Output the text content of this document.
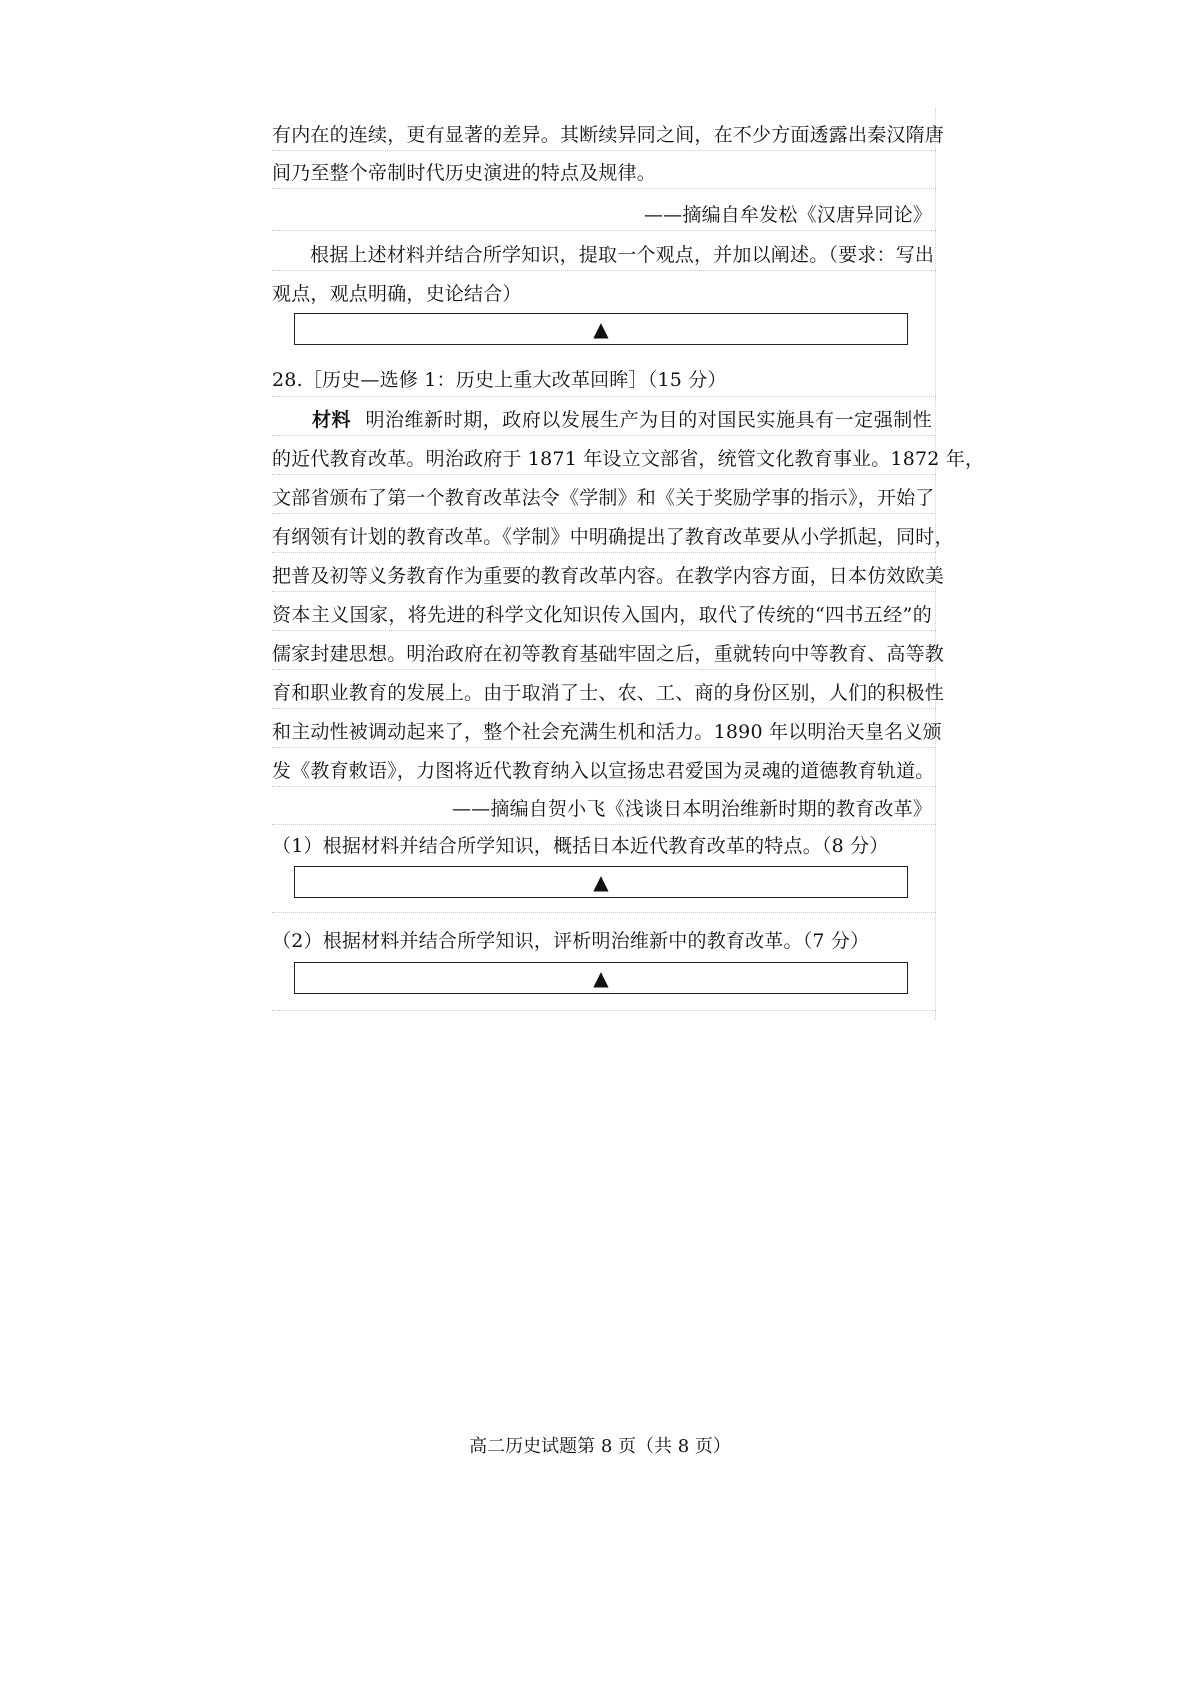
有内在的连续，更有显著的差异。其断续异同之间，在不少方面透露出秦汉隋唐
间乃至整个帝制时代历史演进的特点及规律。
——摘编自牟发松《汉唐异同论》
根据上述材料并结合所学知识，提取一个观点，并加以阐述。（要求：写出
观点，观点明确，史论结合）
▲
28.［历史—选修 1：历史上重大改革回眸］（15 分）
材料 明治维新时期，政府以发展生产为目的对国民实施具有一定强制性
的近代教育改革。明治政府于 1871 年设立文部省，统管文化教育事业。1872 年，
文部省颁布了第一个教育改革法令《学制》和《关于奖励学事的指示》，开始了
有纲领有计划的教育改革。《学制》中明确提出了教育改革要从小学抓起，同时，
把普及初等义务教育作为重要的教育改革内容。在教学内容方面，日本仿效欧美
资本主义国家，将先进的科学文化知识传入国内，取代了传统的“四书五经”的
儒家封建思想。明治政府在初等教育基础牢固之后，重就转向中等教育、高等教
育和职业教育的发展上。由于取消了士、农、工、商的身份区别，人们的积极性
和主动性被调动起来了，整个社会充满生机和活力。1890 年以明治天皇名义颁
发《教育敕语》，力图将近代教育纳入以宣扬忠君爱国为灵魂的道德教育轨道。
——摘编自贺小飞《浅谈日本明治维新时期的教育改革》
（1）根据材料并结合所学知识，概括日本近代教育改革的特点。（8 分）
▲
（2）根据材料并结合所学知识，评析明治维新中的教育改革。（7 分）
▲
高二历史试题第 8 页（共 8 页）
